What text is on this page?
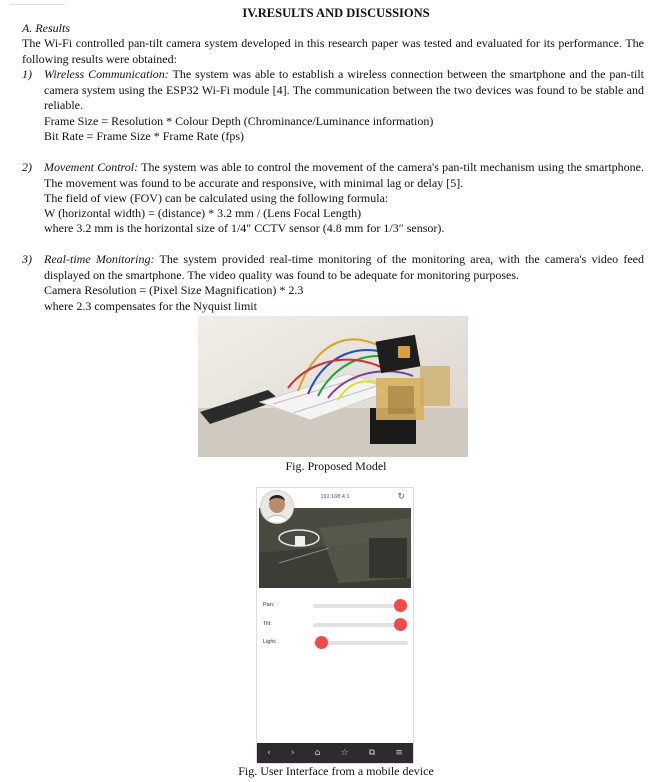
IV.RESULTS AND DISCUSSIONS
A. Results
The Wi-Fi controlled pan-tilt camera system developed in this research paper was tested and evaluated for its performance. The following results were obtained:
1) Wireless Communication: The system was able to establish a wireless connection between the smartphone and the pan-tilt camera system using the ESP32 Wi-Fi module [4]. The communication between the two devices was found to be stable and reliable.
Frame Size = Resolution * Colour Depth (Chrominance/Luminance information)
Bit Rate = Frame Size * Frame Rate (fps)
2) Movement Control: The system was able to control the movement of the camera's pan-tilt mechanism using the smartphone. The movement was found to be accurate and responsive, with minimal lag or delay [5].
The field of view (FOV) can be calculated using the following formula:
W (horizontal width) = (distance) * 3.2 mm / (Lens Focal Length)
where 3.2 mm is the horizontal size of 1/4″ CCTV sensor (4.8 mm for 1/3″ sensor).
3) Real-time Monitoring: The system provided real-time monitoring of the monitoring area, with the camera's video feed displayed on the smartphone. The video quality was found to be adequate for monitoring purposes.
Camera Resolution = (Pixel Size Magnification) * 2.3
where 2.3 compensates for the Nyquist limit
Fig. Proposed Model
192.168.4.1	↻
Pan:
Tilt:
Light:
‹ › ⌂ ☆ ⧉ ≡
Fig. User Interface from a mobile device
